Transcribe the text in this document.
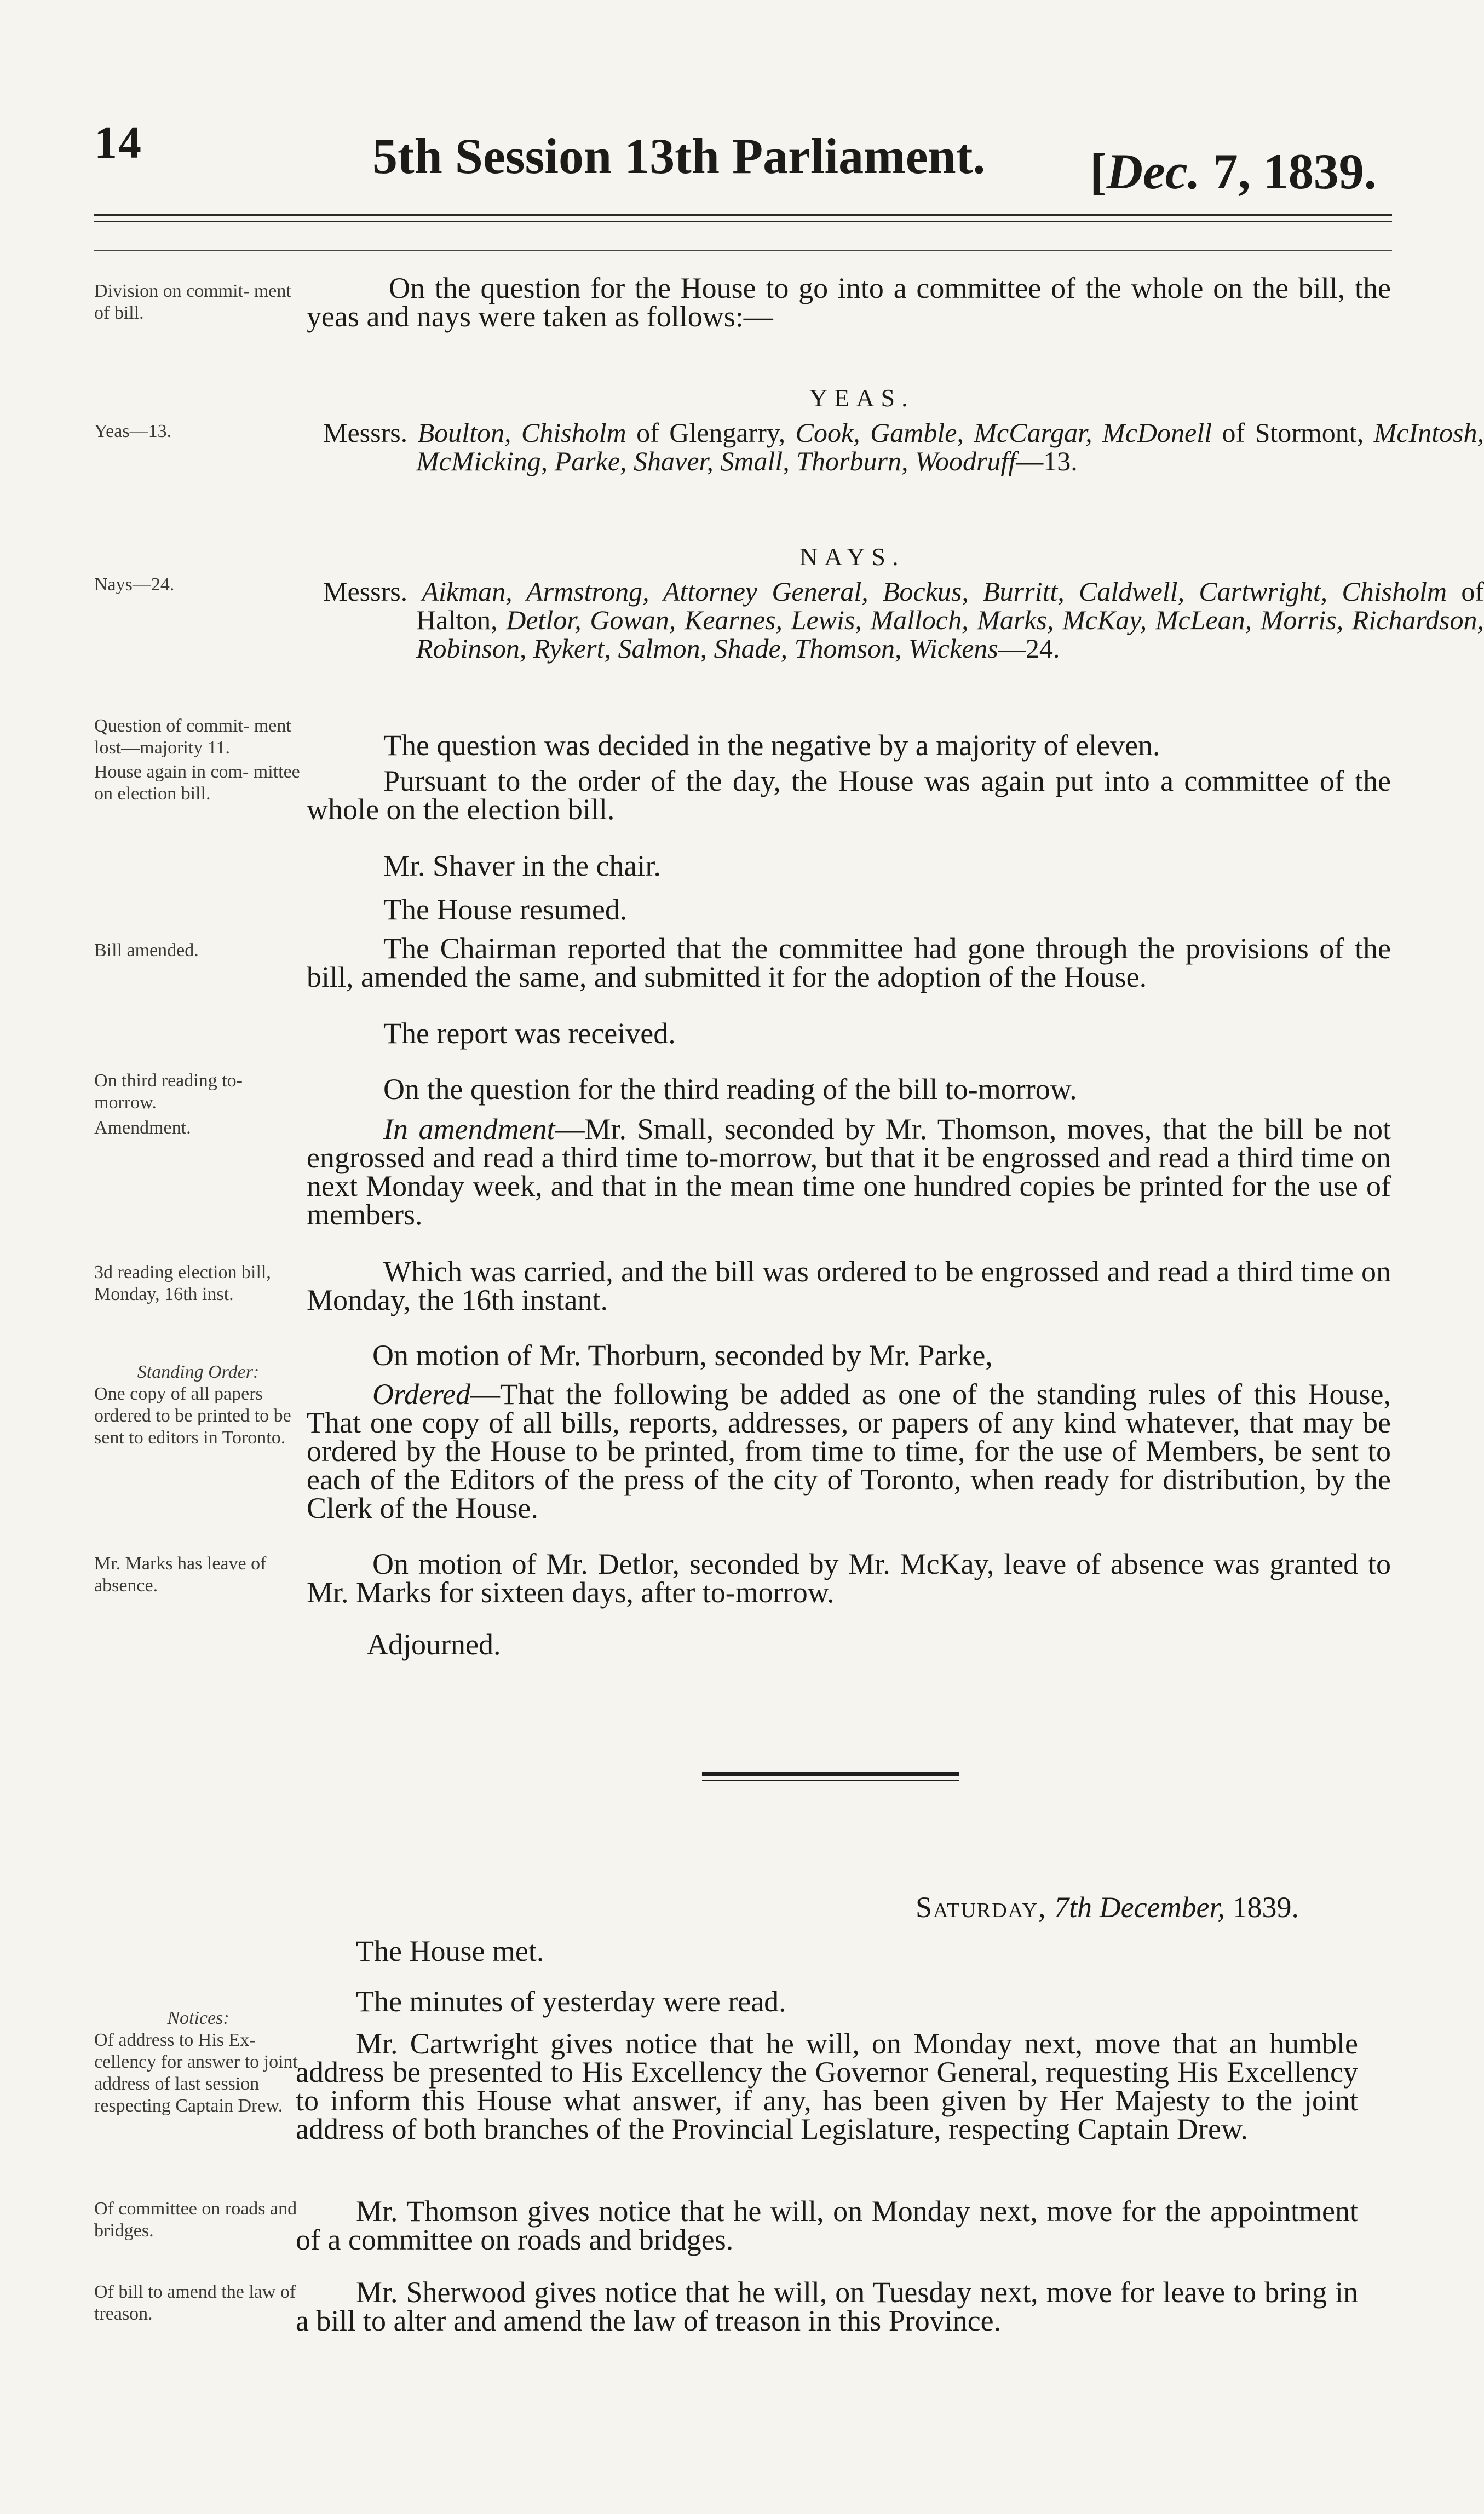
14	5th Session 13th Parliament. [Dec. 7, 1839.
Division on commit- ment of bill.
Yeas—13.
Nays—24.
Question of commit- ment lost—majority 11.
House again in com- mittee on election bill.
Bill amended.
On third reading to- morrow.
Amendment.
3d reading election bill, Monday, 16th inst.
Standing Order:
One copy of all papers ordered to be printed to be sent to editors in Toronto.
Mr. Marks has leave of absence.
Notices:
Of address to His Ex- cellency for answer to joint address of last session respecting Captain Drew.
Of committee on roads and bridges.
Of bill to amend the law of treason.
On the question for the House to go into a committee of the whole on the bill, the yeas and nays were taken as follows:—
YEAS.
Messrs. Boulton, Chisholm of Glengarry, Cook, Gamble, McCargar, McDonell of Stormont, McIntosh, McMicking, Parke, Shaver, Small, Thorburn, Woodruff—13.
NAYS.
Messrs. Aikman, Armstrong, Attorney General, Bockus, Burritt, Caldwell, Cartwright, Chisholm of Halton, Detlor, Gowan, Kearnes, Lewis, Malloch, Marks, McKay, McLean, Morris, Richardson, Robinson, Rykert, Salmon, Shade, Thomson, Wickens—24.
The question was decided in the negative by a majority of eleven.
Pursuant to the order of the day, the House was again put into a committee of the whole on the election bill.
Mr. Shaver in the chair.
The House resumed.
The Chairman reported that the committee had gone through the provisions of the bill, amended the same, and submitted it for the adoption of the House.
The report was received.
On the question for the third reading of the bill to-morrow.
In amendment—Mr. Small, seconded by Mr. Thomson, moves, that the bill be not engrossed and read a third time to-morrow, but that it be engrossed and read a third time on next Monday week, and that in the mean time one hundred copies be printed for the use of members.
Which was carried, and the bill was ordered to be engrossed and read a third time on Monday, the 16th instant.
On motion of Mr. Thorburn, seconded by Mr. Parke,
Ordered—That the following be added as one of the standing rules of this House, That one copy of all bills, reports, addresses, or papers of any kind whatever, that may be ordered by the House to be printed, from time to time, for the use of Members, be sent to each of the Editors of the press of the city of Toronto, when ready for distribution, by the Clerk of the House.
On motion of Mr. Detlor, seconded by Mr. McKay, leave of absence was granted to Mr. Marks for sixteen days, after to-morrow.
Adjourned.
Saturday, 7th December, 1839.
The House met.
The minutes of yesterday were read.
Mr. Cartwright gives notice that he will, on Monday next, move that an humble address be presented to His Excellency the Governor General, requesting His Excellency to inform this House what answer, if any, has been given by Her Majesty to the joint address of both branches of the Provincial Legislature, respecting Captain Drew.
Mr. Thomson gives notice that he will, on Monday next, move for the appointment of a committee on roads and bridges.
Mr. Sherwood gives notice that he will, on Tuesday next, move for leave to bring in a bill to alter and amend the law of treason in this Province.
